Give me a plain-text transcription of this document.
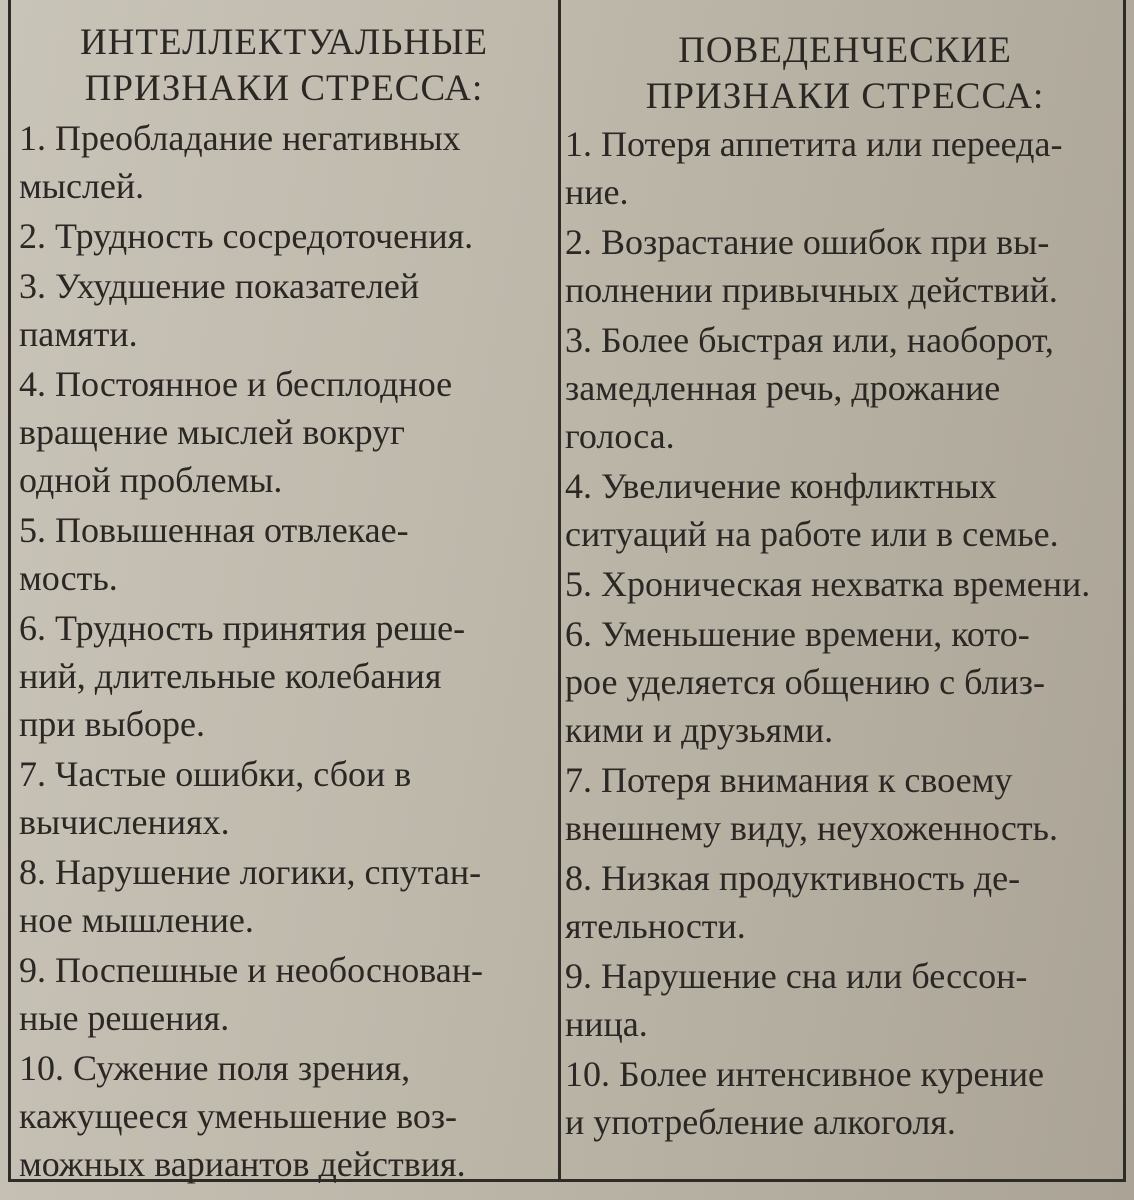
ИНТЕЛЛЕКТУАЛЬНЫЕ
ПРИЗНАКИ СТРЕССА:
1. Преобладание негативных
мыслей.
2. Трудность сосредоточения.
3. Ухудшение показателей
памяти.
4. Постоянное и бесплодное
вращение мыслей вокруг
одной проблемы.
5. Повышенная отвлекае-
мость.
6. Трудность принятия реше-
ний, длительные колебания
при выборе.
7. Частые ошибки, сбои в
вычислениях.
8. Нарушение логики, спутан-
ное мышление.
9. Поспешные и необоснован-
ные решения.
10. Сужение поля зрения,
кажущееся уменьшение воз-
можных вариантов действия.
ПОВЕДЕНЧЕСКИЕ
ПРИЗНАКИ СТРЕССА:
1. Потеря аппетита или перееда-
ние.
2. Возрастание ошибок при вы-
полнении привычных действий.
3. Более быстрая или, наоборот,
замедленная речь, дрожание
голоса.
4. Увеличение конфликтных
ситуаций на работе или в семье.
5. Хроническая нехватка времени.
6. Уменьшение времени, кото-
рое уделяется общению с близ-
кими и друзьями.
7. Потеря внимания к своему
внешнему виду, неухоженность.
8. Низкая продуктивность де-
ятельности.
9. Нарушение сна или бессон-
ница.
10. Более интенсивное курение
и употребление алкоголя.
